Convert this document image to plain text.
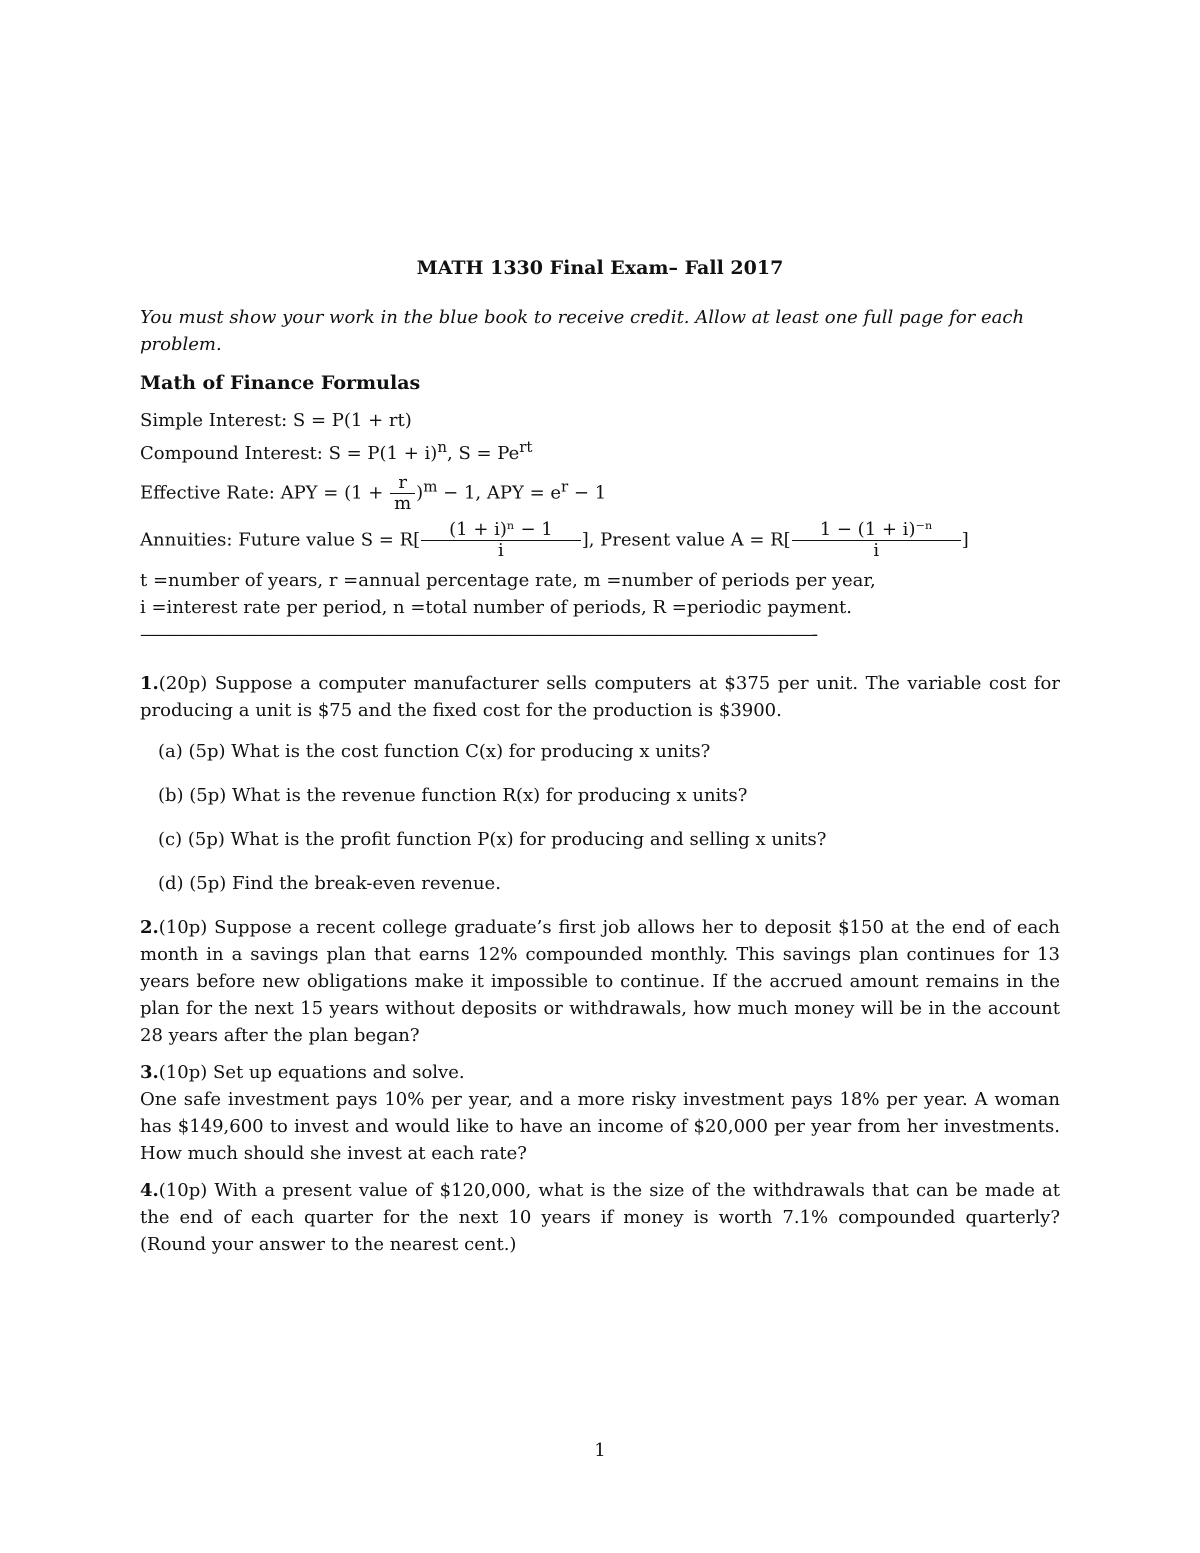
MATH 1330 Final Exam– Fall 2017
You must show your work in the blue book to receive credit. Allow at least one full page for each problem.
Math of Finance Formulas

Simple Interest: S = P(1 + rt)

Compound Interest: $S = P(1 + i)^n$, $S = Pe^{rt}$

Effective Rate: APY = $(1 + \frac{r}{m} )^m - 1$, APY = $e^r - 1$

Annuities: Future value $S = R[ \frac{\text{(1 + i)ⁿ − 1}}{i}$ ], Present value $A = R[ \frac{\text{1 − (1 + i)⁻ⁿ}}{i}$ ]

t =number of years, r =annual percentage rate, m =number of periods per year,

i =interest rate per period, n =total number of periods, R =periodic payment.

——————————————————————————————————————————-

1.(20p) Suppose a computer manufacturer sells computers at $375 per unit. The variable cost for producing a unit is $75 and the fixed cost for the production is $3900.
(a) (5p) What is the cost function C(x) for producing x units?
(b) (5p) What is the revenue function R(x) for producing x units?
(c) (5p) What is the profit function P(x) for producing and selling x units?
(d) (5p) Find the break-even revenue.
2.(10p) Suppose a recent college graduate’s first job allows her to deposit $150 at the end of each month in a savings plan that earns 12% compounded monthly. This savings plan continues for 13 years before new obligations make it impossible to continue. If the accrued amount remains in the plan for the next 15 years without deposits or withdrawals, how much money will be in the account 28 years after the plan began?
3.(10p) Set up equations and solve.
One safe investment pays 10% per year, and a more risky investment pays 18% per year. A woman has $149,600 to invest and would like to have an income of $20,000 per year from her investments. How much should she invest at each rate?
4.(10p) With a present value of $120,000, what is the size of the withdrawals that can be made at the end of each quarter for the next 10 years if money is worth 7.1% compounded quarterly? (Round your answer to the nearest cent.)
1
